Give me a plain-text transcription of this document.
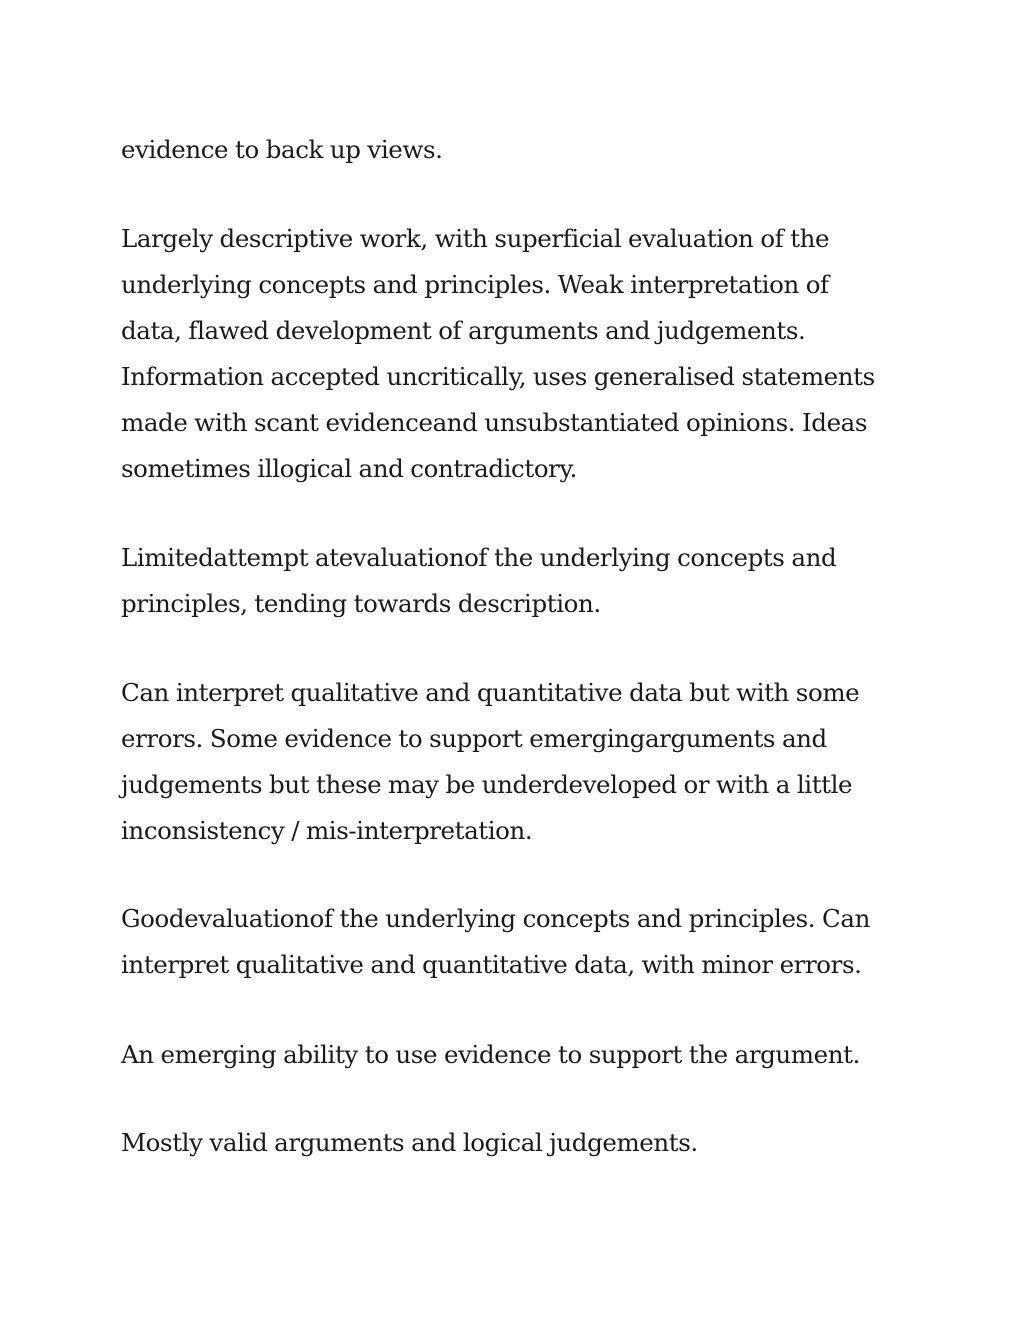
evidence to back up views.

Largely descriptive work, with superficial evaluation of the
underlying concepts and principles. Weak interpretation of
data, flawed development of arguments and judgements.
Information accepted uncritically, uses generalised statements
made with scant evidenceand unsubstantiated opinions. Ideas
sometimes illogical and contradictory.

Limitedattempt atevaluationof the underlying concepts and
principles, tending towards description.

Can interpret qualitative and quantitative data but with some
errors. Some evidence to support emergingarguments and
judgements but these may be underdeveloped or with a little
inconsistency / mis-interpretation.

Goodevaluationof the underlying concepts and principles. Can
interpret qualitative and quantitative data, with minor errors.

An emerging ability to use evidence to support the argument.

Mostly valid arguments and logical judgements.
